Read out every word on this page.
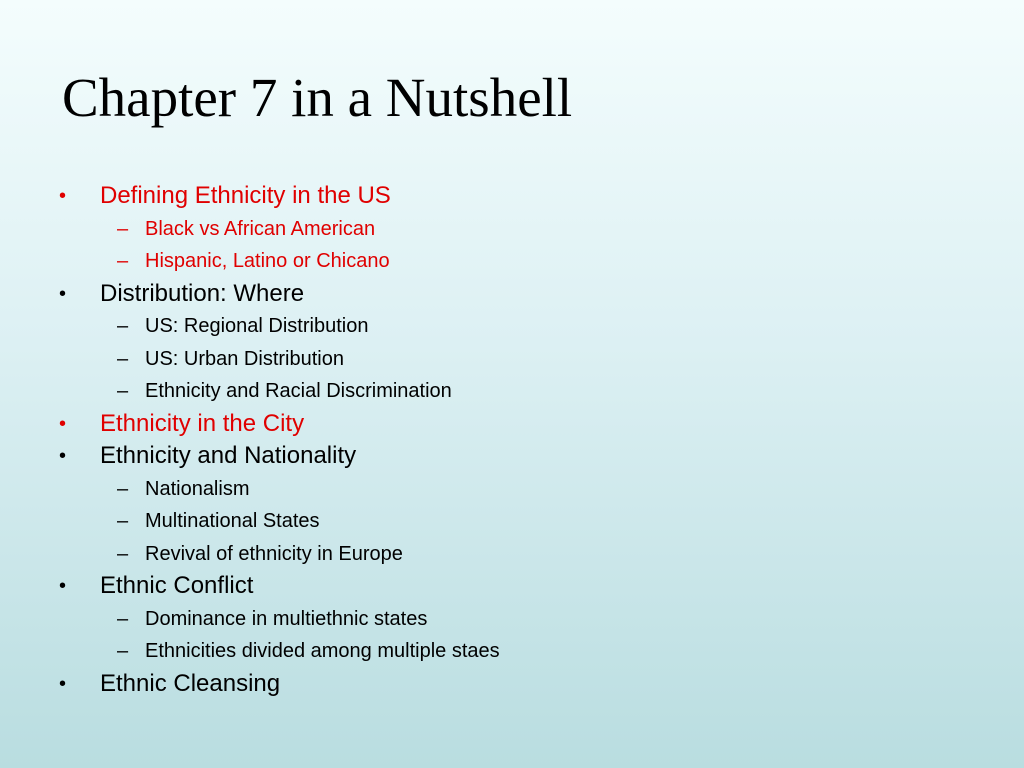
Chapter 7 in a Nutshell
• Defining Ethnicity in the US
– Black vs African American
– Hispanic, Latino or Chicano
• Distribution: Where
– US: Regional Distribution
– US: Urban Distribution
– Ethnicity and Racial Discrimination
• Ethnicity in the City
• Ethnicity and Nationality
– Nationalism
– Multinational States
– Revival of ethnicity in Europe
• Ethnic Conflict
– Dominance in multiethnic states
– Ethnicities divided among multiple staes
• Ethnic Cleansing
